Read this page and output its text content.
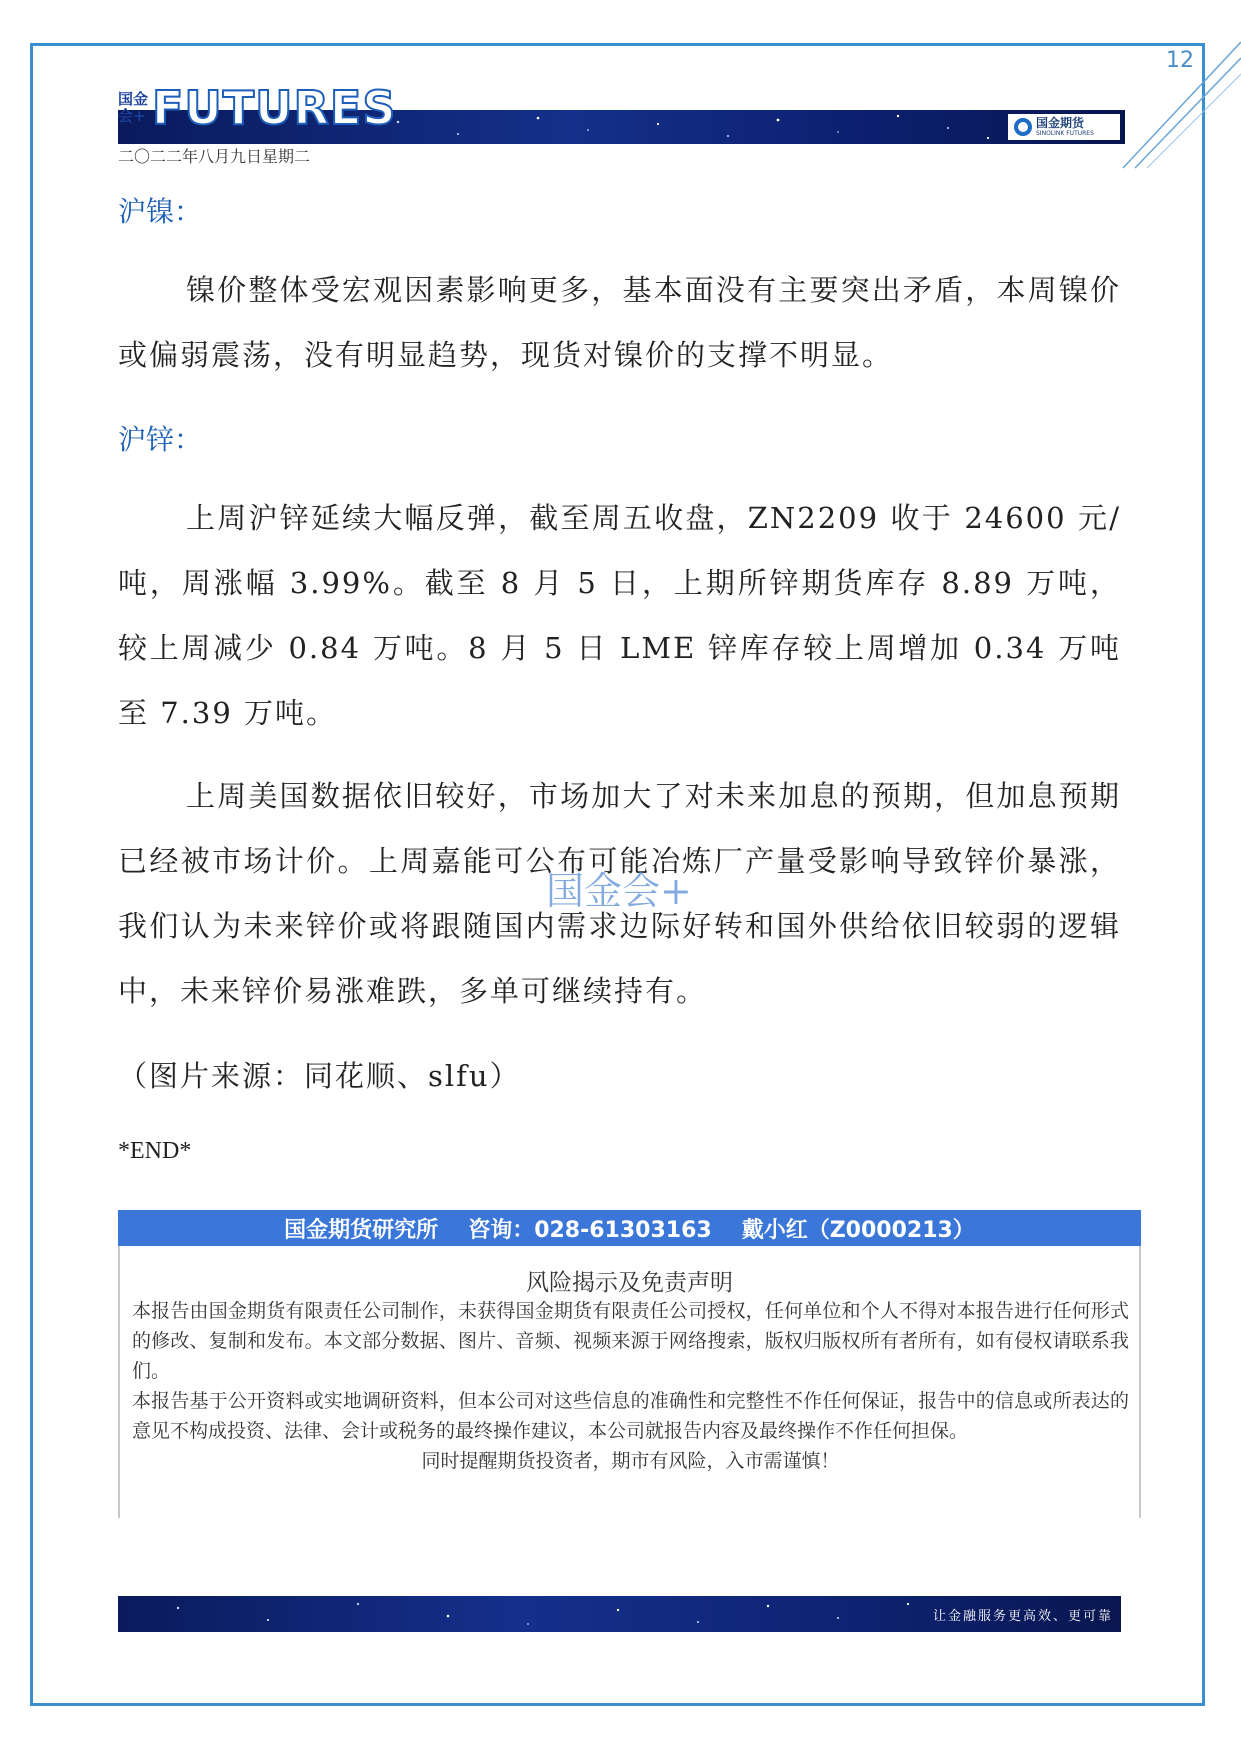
12
国金会+ FUTURES	国金期货
SINOLINK FUTURES
二〇二二年八月九日星期二
沪镍：
镍价整体受宏观因素影响更多，基本面没有主要突出矛盾，本周镍价或偏弱震荡，没有明显趋势，现货对镍价的支撑不明显。
沪锌：
上周沪锌延续大幅反弹，截至周五收盘，ZN2209 收于 24600 元/吨，周涨幅 3.99%。截至 8 月 5 日，上期所锌期货库存 8.89 万吨，较上周减少 0.84 万吨。8 月 5 日 LME 锌库存较上周增加 0.34 万吨至 7.39 万吨。
上周美国数据依旧较好，市场加大了对未来加息的预期，但加息预期已经被市场计价。上周嘉能可公布可能冶炼厂产量受影响导致锌价暴涨，我们认为未来锌价或将跟随国内需求边际好转和国外供给依旧较弱的逻辑中，未来锌价易涨难跌，多单可继续持有。
（图片来源：同花顺、slfu）
*END*
国金会+
国金期货研究所 咨询：028-61303163 戴小红（Z0000213）
风险揭示及免责声明

本报告由国金期货有限责任公司制作，未获得国金期货有限责任公司授权，任何单位和个人不得对本报告进行任何形式的修改、复制和发布。本文部分数据、图片、音频、视频来源于网络搜索，版权归版权所有者所有，如有侵权请联系我们。

本报告基于公开资料或实地调研资料，但本公司对这些信息的准确性和完整性不作任何保证，报告中的信息或所表达的意见不构成投资、法律、会计或税务的最终操作建议，本公司就报告内容及最终操作不作任何担保。

同时提醒期货投资者，期市有风险，入市需谨慎！

让金融服务更高效、更可靠
